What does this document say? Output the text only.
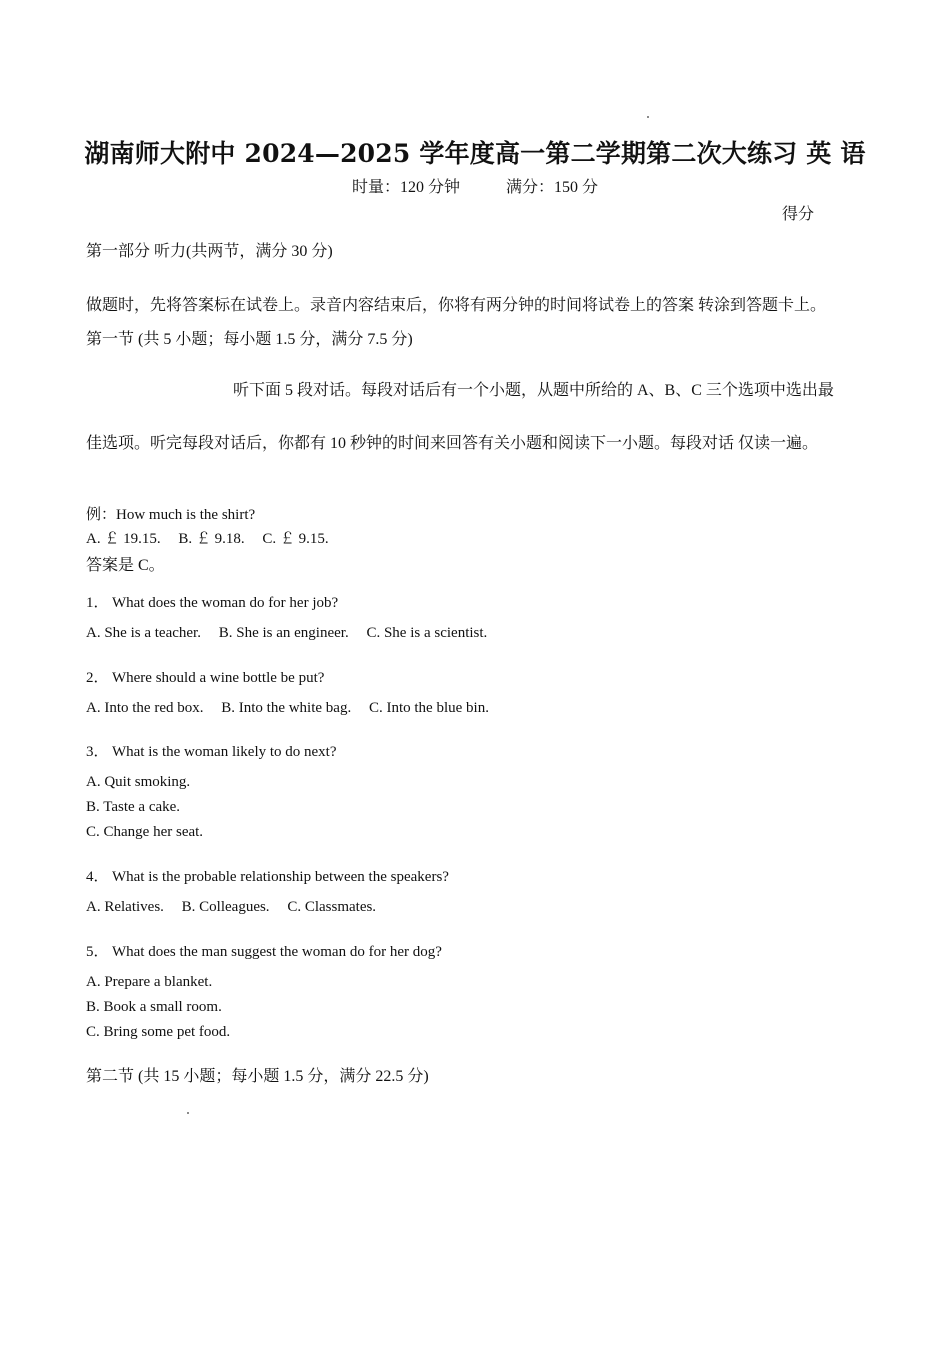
湖南师大附中 2024—2025 学年度高一第二学期第二次大练习 英 语
时量：120 分钟	满分：150 分
得分
第一部分 听力(共两节，满分 30 分)
做题时，先将答案标在试卷上。录音内容结束后，你将有两分钟的时间将试卷上的答案 转涂到答题卡上。
第一节 (共 5 小题；每小题 1.5 分，满分 7.5 分)
听下面 5 段对话。每段对话后有一个小题，从题中所给的 A、B、C 三个选项中选出最
佳选项。听完每段对话后，你都有 10 秒钟的时间来回答有关小题和阅读下一小题。每段对话 仅读一遍。
例：How much is the shirt?
A. ￡ 19.15. B. ￡ 9.18. C. ￡ 9.15.
答案是 C。
1． What does the woman do for her job?
A. She is a teacher. B. She is an engineer. C. She is a scientist.
2． Where should a wine bottle be put?
A. Into the red box. B. Into the white bag. C. Into the blue bin.
3． What is the woman likely to do next?
A. Quit smoking.
B. Taste a cake.
C. Change her seat.
4． What is the probable relationship between the speakers?
A. Relatives. B. Colleagues. C. Classmates.
5． What does the man suggest the woman do for her dog?
A. Prepare a blanket.
B. Book a small room.
C. Bring some pet food.
第二节 (共 15 小题；每小题 1.5 分，满分 22.5 分)
